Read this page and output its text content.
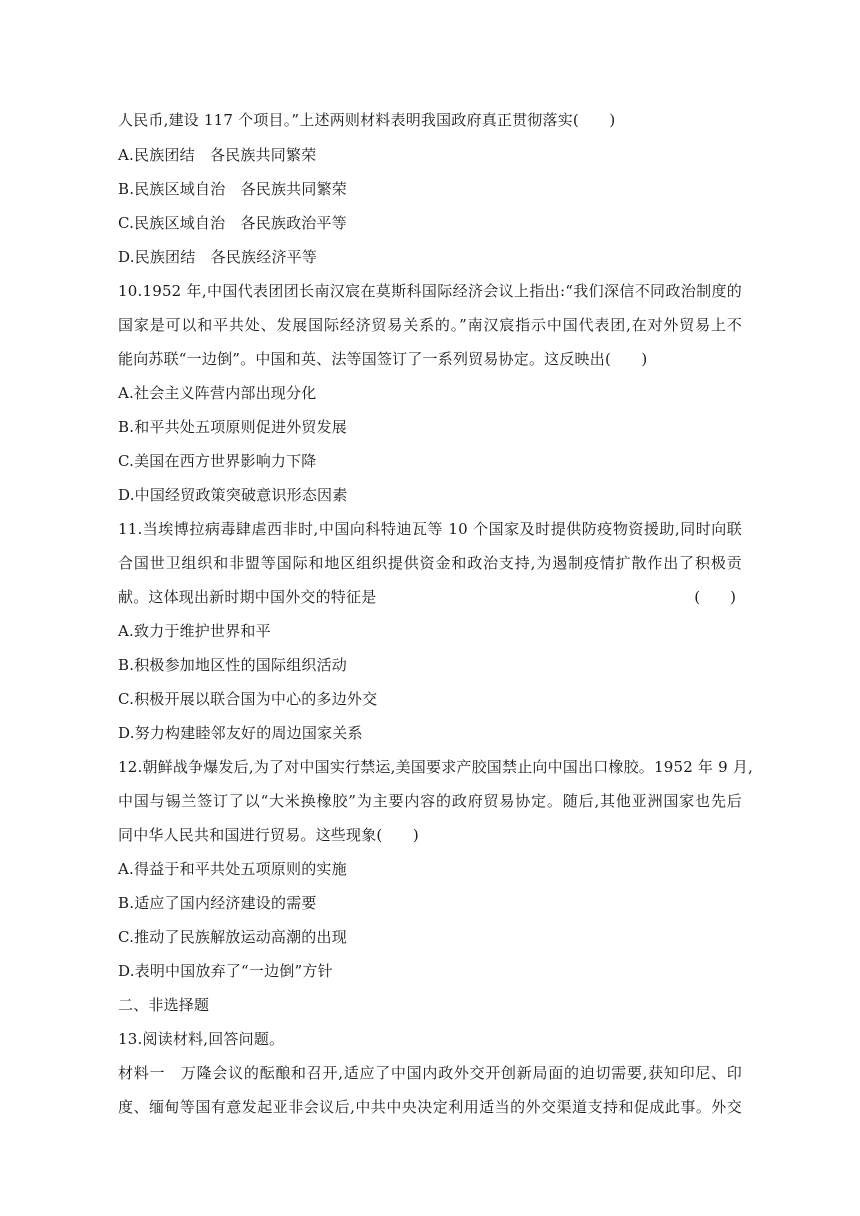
人民币,建设 117 个项目。”上述两则材料表明我国政府真正贯彻落实(　　)
A.民族团结　各民族共同繁荣
B.民族区域自治　各民族共同繁荣
C.民族区域自治　各民族政治平等
D.民族团结　各民族经济平等
10.1952 年,中国代表团团长南汉宸在莫斯科国际经济会议上指出:“我们深信不同政治制度的
国家是可以和平共处、发展国际经济贸易关系的。”南汉宸指示中国代表团,在对外贸易上不
能向苏联“一边倒”。中国和英、法等国签订了一系列贸易协定。这反映出(　　)
A.社会主义阵营内部出现分化
B.和平共处五项原则促进外贸发展
C.美国在西方世界影响力下降
D.中国经贸政策突破意识形态因素
11.当埃博拉病毒肆虐西非时,中国向科特迪瓦等 10 个国家及时提供防疫物资援助,同时向联
合国世卫组织和非盟等国际和地区组织提供资金和政治支持,为遏制疫情扩散作出了积极贡
献。这体现出新时期中国外交的特征是	(　　)
A.致力于维护世界和平
B.积极参加地区性的国际组织活动
C.积极开展以联合国为中心的多边外交
D.努力构建睦邻友好的周边国家关系
12.朝鲜战争爆发后,为了对中国实行禁运,美国要求产胶国禁止向中国出口橡胶。1952 年 9 月,
中国与锡兰签订了以“大米换橡胶”为主要内容的政府贸易协定。随后,其他亚洲国家也先后
同中华人民共和国进行贸易。这些现象(　　)
A.得益于和平共处五项原则的实施
B.适应了国内经济建设的需要
C.推动了民族解放运动高潮的出现
D.表明中国放弃了“一边倒”方针
二、非选择题
13.阅读材料,回答问题。
材料一　万隆会议的酝酿和召开,适应了中国内政外交开创新局面的迫切需要,获知印尼、印
度、缅甸等国有意发起亚非会议后,中共中央决定利用适当的外交渠道支持和促成此事。外交
